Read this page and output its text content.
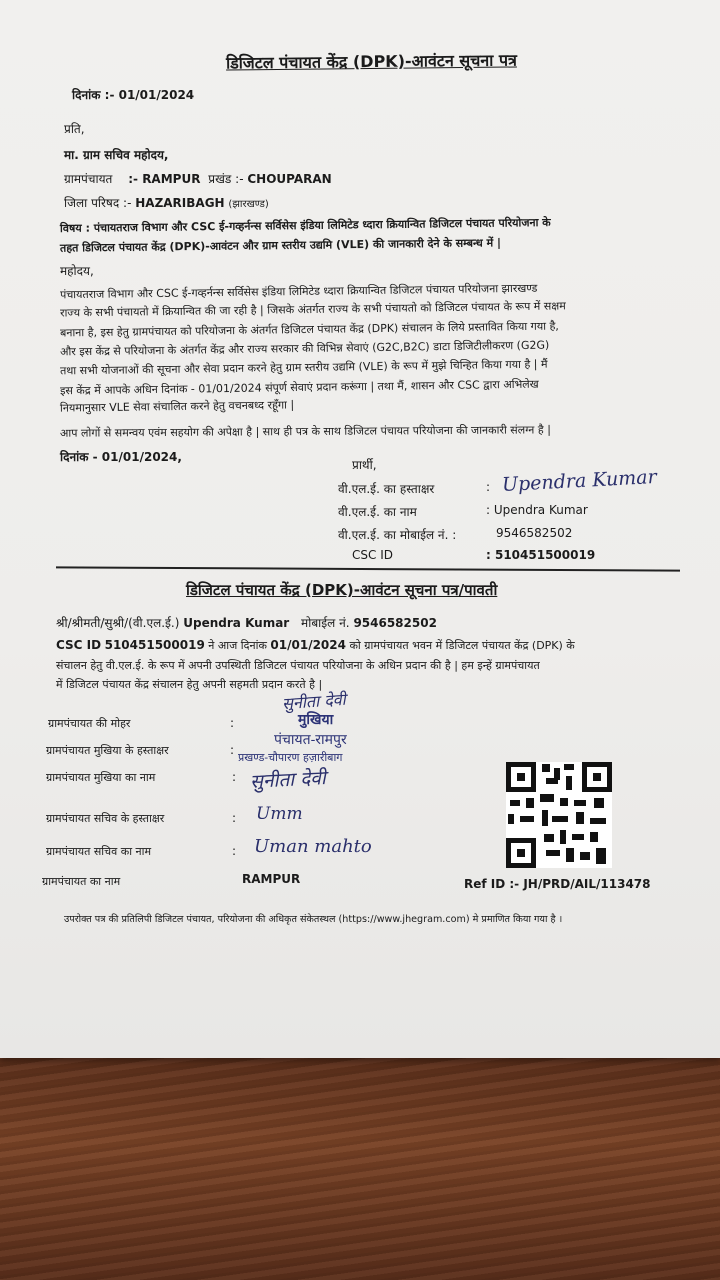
डिजिटल पंचायत केंद्र (DPK)-आवंटन सूचना पत्र
दिनांक :- 01/01/2024
प्रति,
मा. ग्राम सचिव महोदय,
ग्रामपंचायत :- RAMPUR प्रखंड :- CHOUPARAN
जिला परिषद :- HAZARIBAGH (झारखण्ड)
विषय : पंचायतराज विभाग और CSC ई-गव्हर्नन्स सर्विसेस इंडिया लिमिटेड ध्दारा क्रियान्वित डिजिटल पंचायत परियोजना के
तहत डिजिटल पंचायत केंद्र (DPK)-आवंटन और ग्राम स्तरीय उद्यमि (VLE) की जानकारी देने के सम्बन्ध में |
महोदय,
पंचायतराज विभाग और CSC ई-गव्हर्नन्स सर्विसेस इंडिया लिमिटेड ध्दारा क्रियान्वित डिजिटल पंचायत परियोजना झारखण्ड
राज्य के सभी पंचायतो में क्रियान्वित की जा रही है | जिसके अंतर्गत राज्य के सभी पंचायतो को डिजिटल पंचायत के रूप में सक्षम
बनाना है, इस हेतु ग्रामपंचायत को परियोजना के अंतर्गत डिजिटल पंचायत केंद्र (DPK) संचालन के लिये प्रस्तावित किया गया है,
और इस केंद्र से परियोजना के अंतर्गत केंद्र और राज्य सरकार की विभिन्न सेवाएं (G2C,B2C) डाटा डिजिटीलीकरण (G2G)
तथा सभी योजनाओं की सूचना और सेवा प्रदान करने हेतु ग्राम स्तरीय उद्यमि (VLE) के रूप में मुझे चिन्हित किया गया है | मैं
इस केंद्र में आपके अधिन दिनांक - 01/01/2024 संपूर्ण सेवाएं प्रदान करूंगा | तथा मैं, शासन और CSC द्वारा अभिलेख
नियमानुसार VLE सेवा संचालित करने हेतु वचनबध्द रहूँगा |
आप लोगों से समन्वय एवंम सहयोग की अपेक्षा है | साथ ही पत्र के साथ डिजिटल पंचायत परियोजना की जानकारी संलग्न है |
दिनांक - 01/01/2024,
प्रार्थी,
वी.एल.ई. का हस्ताक्षर	: Upendra Kumar
वी.एल.ई. का नाम	: Upendra Kumar
वी.एल.ई. का मोबाईल नं. :	9546582502
CSC ID	: 510451500019
डिजिटल पंचायत केंद्र (DPK)-आवंटन सूचना पत्र/पावती
श्री/श्रीमती/सुश्री/(वी.एल.ई.) Upendra Kumar मोबाईल नं. 9546582502
CSC ID 510451500019 ने आज दिनांक 01/01/2024 को ग्रामपंचायत भवन में डिजिटल पंचायत केंद्र (DPK) के
संचालन हेतु वी.एल.ई. के रूप में अपनी उपस्थिती डिजिटल पंचायत परियोजना के अधिन प्रदान की है | हम इन्हें ग्रामपंचायत
में डिजिटल पंचायत केंद्र संचालन हेतु अपनी सहमती प्रदान करते है |
सुनीता देवी
मुखिया
पंचायत-रामपुर
प्रखण्ड-चौपारण हज़ारीबाग
ग्रामपंचायत की मोहर	:
ग्रामपंचायत मुखिया के हस्ताक्षर	:
ग्रामपंचायत मुखिया का नाम	: सुनीता देवी
ग्रामपंचायत सचिव के हस्ताक्षर	: Umm
ग्रामपंचायत सचिव का नाम	: Uman mahto
ग्रामपंचायत का नाम	RAMPUR	Ref ID :- JH/PRD/AIL/113478
उपरोक्त पत्र की प्रतिलिपी डिजिटल पंचायत, परियोजना की अधिकृत संकेतस्थल (https://www.jhegram.com) मे प्रमाणित किया गया है ।
